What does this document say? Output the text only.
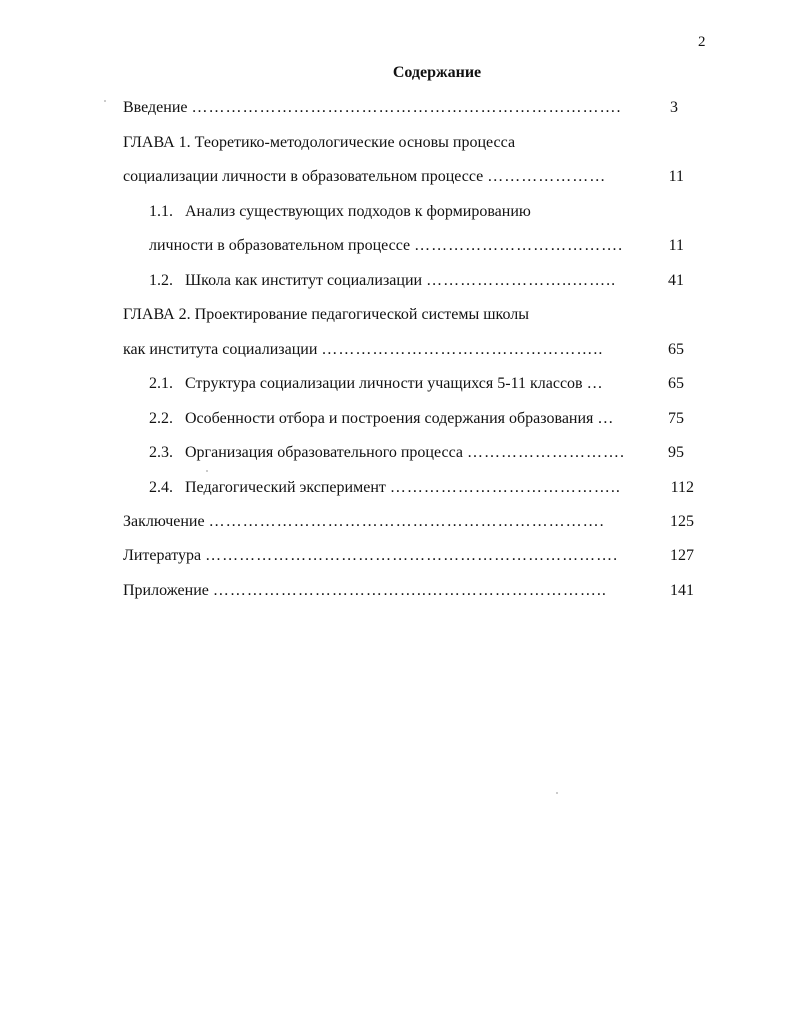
2
Содержание
Введение ………………………………………………………………….	3
ГЛАВА 1. Теоретико-методологические основы процесса
социализации личности в образовательном процессе …………………	11
1.1. Анализ существующих подходов к формированию
личности в образовательном процессе ……………………………….	11
1.2. Школа как институт социализации ……………………..……..	41
ГЛАВА 2. Проектирование педагогической системы школы
как института социализации …………………………………………..	65
2.1. Структура социализации личности учащихся 5-11 классов …	65
2.2. Особенности отбора и построения содержания образования …	75
2.3. Организация образовательного процесса ……………………….	95
2.4. Педагогический эксперимент …………………………………..	112
Заключение …………………………………………………………….	125
Литература ……………………………………………………………….	127
Приложение ………………………………..…………………………..	141
